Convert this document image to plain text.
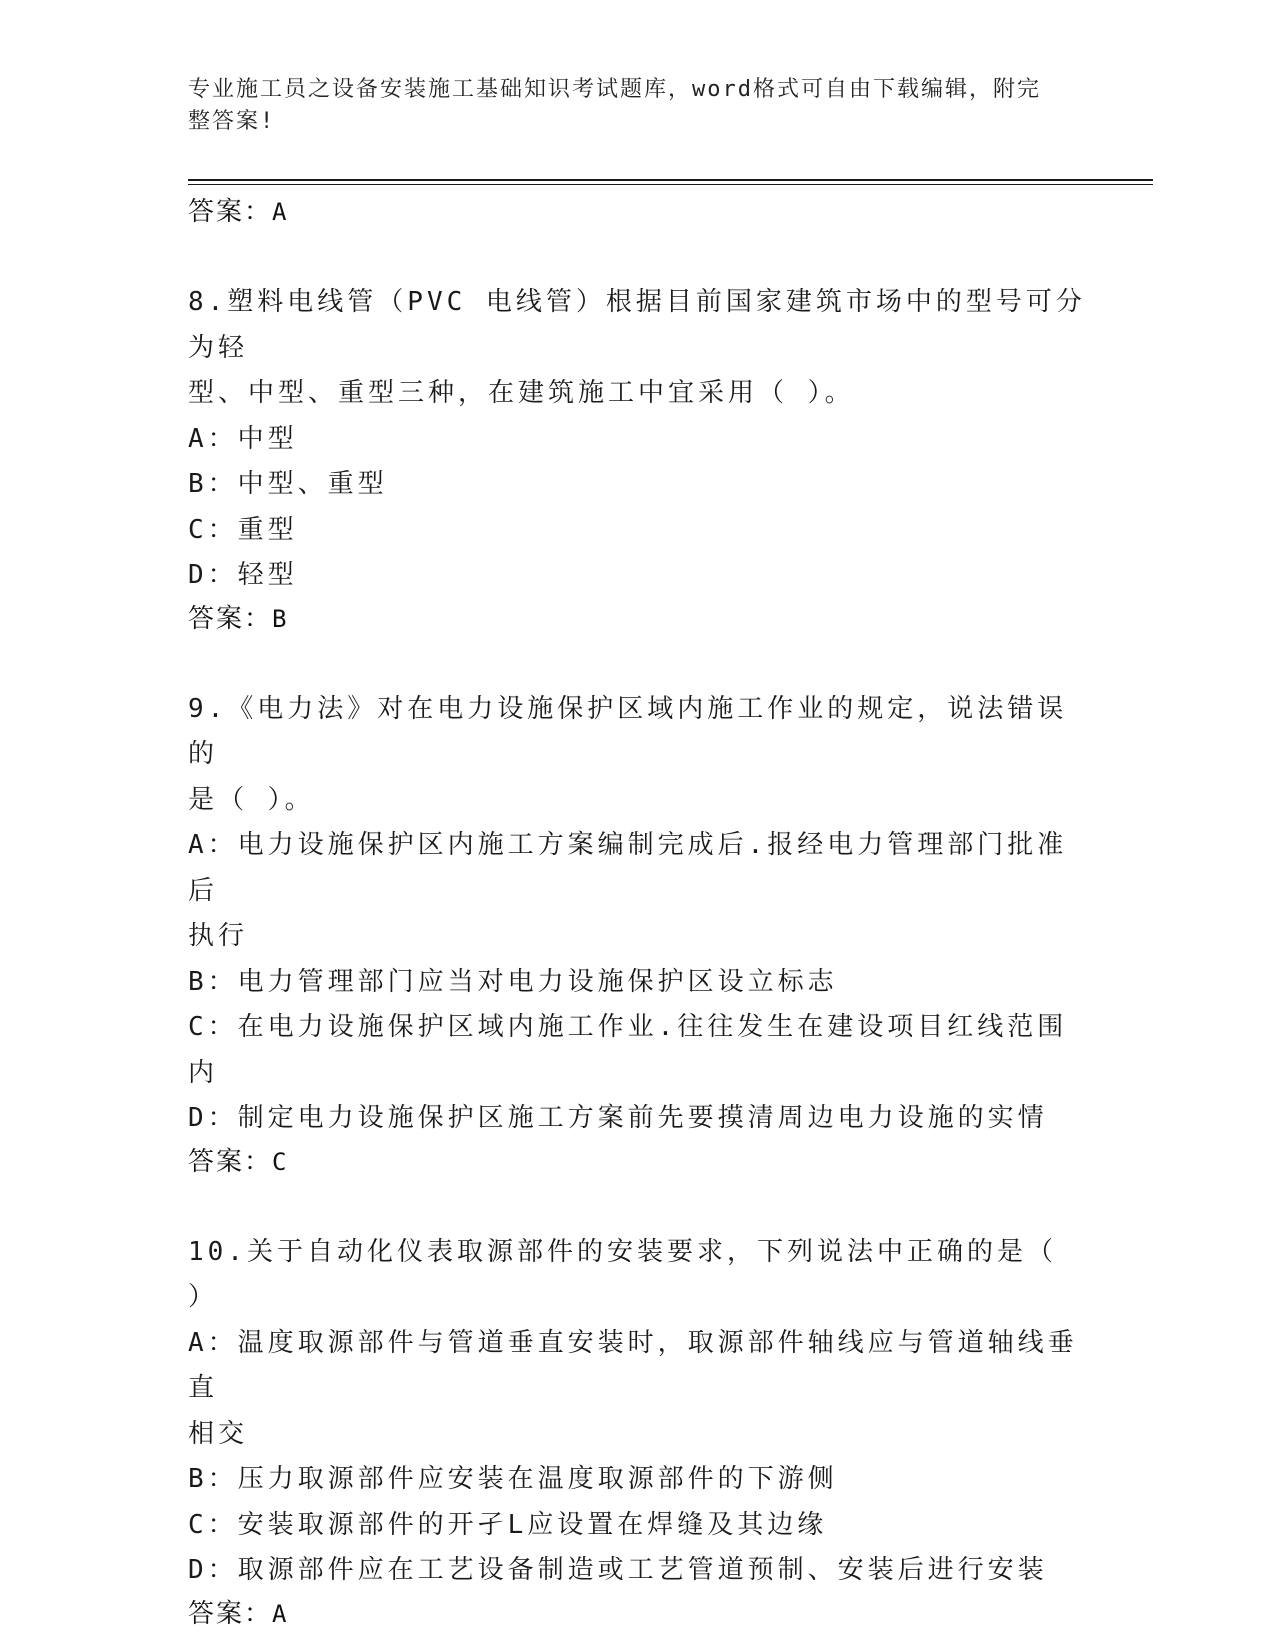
专业施工员之设备安装施工基础知识考试题库，word格式可自由下载编辑，附完
整答案!
答案：A
8.塑料电线管（PVC 电线管）根据目前国家建筑市场中的型号可分为轻
型、中型、重型三种，在建筑施工中宜采用（ ）。
A：中型
B：中型、重型
C：重型
D：轻型
答案：B
9.《电力法》对在电力设施保护区域内施工作业的规定，说法错误的
是（ ）。
A：电力设施保护区内施工方案编制完成后.报经电力管理部门批准后
执行
B：电力管理部门应当对电力设施保护区设立标志
C：在电力设施保护区域内施工作业.往往发生在建设项目红线范围内
D：制定电力设施保护区施工方案前先要摸清周边电力设施的实情
答案：C
10.关于自动化仪表取源部件的安装要求，下列说法中正确的是（ ）
A：温度取源部件与管道垂直安装时，取源部件轴线应与管道轴线垂直
相交
B：压力取源部件应安装在温度取源部件的下游侧
C：安装取源部件的开孑L应设置在焊缝及其边缘
D：取源部件应在工艺设备制造或工艺管道预制、安装后进行安装
答案：A
